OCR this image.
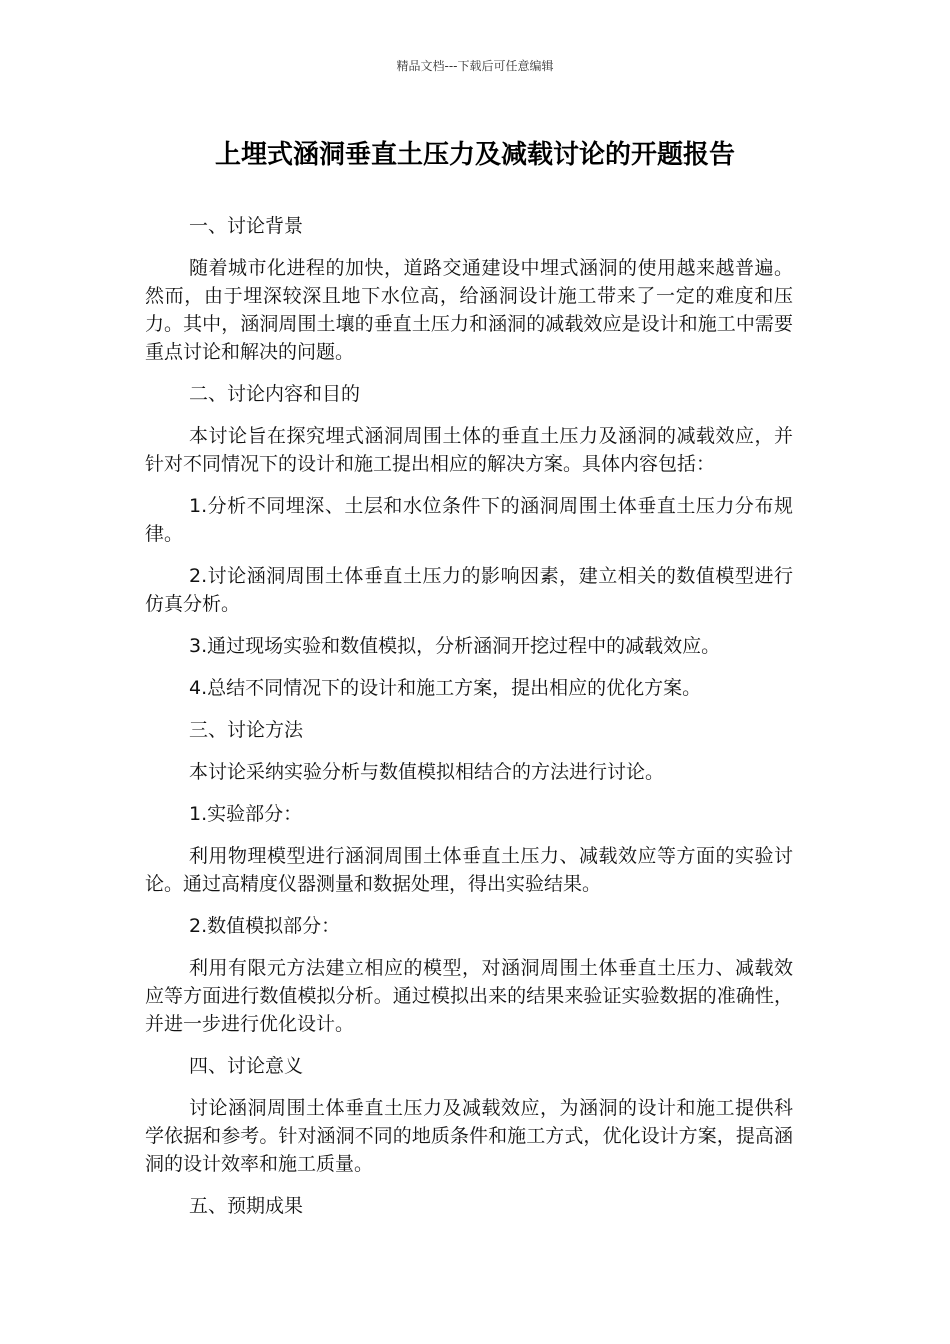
精品文档---下载后可任意编辑
上埋式涵洞垂直土压力及减载讨论的开题报告

一、讨论背景

随着城市化进程的加快，道路交通建设中埋式涵洞的使用越来越普遍。然而，由于埋深较深且地下水位高，给涵洞设计施工带来了一定的难度和压力。其中，涵洞周围土壤的垂直土压力和涵洞的减载效应是设计和施工中需要重点讨论和解决的问题。

二、讨论内容和目的

本讨论旨在探究埋式涵洞周围土体的垂直土压力及涵洞的减载效应，并针对不同情况下的设计和施工提出相应的解决方案。具体内容包括：

1.分析不同埋深、土层和水位条件下的涵洞周围土体垂直土压力分布规律。

2.讨论涵洞周围土体垂直土压力的影响因素，建立相关的数值模型进行仿真分析。

3.通过现场实验和数值模拟，分析涵洞开挖过程中的减载效应。

4.总结不同情况下的设计和施工方案，提出相应的优化方案。

三、讨论方法

本讨论采纳实验分析与数值模拟相结合的方法进行讨论。

1.实验部分：

利用物理模型进行涵洞周围土体垂直土压力、减载效应等方面的实验讨论。通过高精度仪器测量和数据处理，得出实验结果。

2.数值模拟部分：

利用有限元方法建立相应的模型，对涵洞周围土体垂直土压力、减载效应等方面进行数值模拟分析。通过模拟出来的结果来验证实验数据的准确性，并进一步进行优化设计。

四、讨论意义

讨论涵洞周围土体垂直土压力及减载效应，为涵洞的设计和施工提供科学依据和参考。针对涵洞不同的地质条件和施工方式，优化设计方案，提高涵洞的设计效率和施工质量。

五、预期成果
